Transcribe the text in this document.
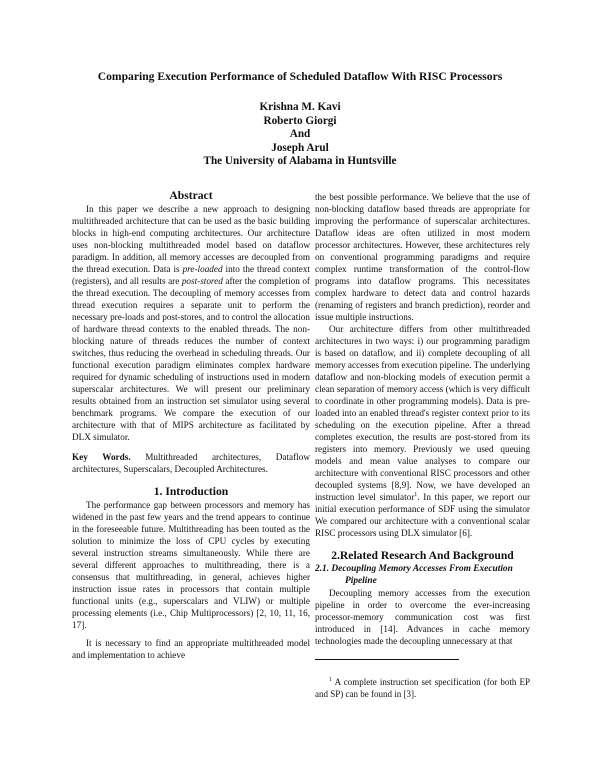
Comparing Execution Performance of Scheduled Dataflow With RISC Processors
Krishna M. Kavi
Roberto Giorgi
And
Joseph Arul
The University of Alabama in Huntsville
Abstract

In this paper we describe a new approach to designing multithreaded architecture that can be used as the basic building blocks in high-end computing architectures. Our architecture uses non-blocking multithreaded model based on dataflow paradigm. In addition, all memory accesses are decoupled from the thread execution. Data is pre-loaded into the thread context (registers), and all results are post-stored after the completion of the thread execution. The decoupling of memory accesses from thread execution requires a separate unit to perform the necessary pre-loads and post-stores, and to control the allocation of hardware thread contexts to the enabled threads. The non-blocking nature of threads reduces the number of context switches, thus reducing the overhead in scheduling threads. Our functional execution paradigm eliminates complex hardware required for dynamic scheduling of instructions used in modern superscalar architectures. We will present our preliminary results obtained from an instruction set simulator using several benchmark programs. We compare the execution of our architecture with that of MIPS architecture as facilitated by DLX simulator.

Key Words. Multithreaded architectures, Dataflow architectures, Superscalars, Decoupled Architectures.

1. Introduction

The performance gap between processors and memory has widened in the past few years and the trend appears to continue in the foreseeable future. Multithreading has been touted as the solution to minimize the loss of CPU cycles by executing several instruction streams simultaneously. While there are several different approaches to multithreading, there is a consensus that multithreading, in general, achieves higher instruction issue rates in processors that contain multiple functional units (e.g., superscalars and VLIW) or multiple processing elements (i.e., Chip Multiprocessors) [2, 10, 11, 16, 17].

It is necessary to find an appropriate multithreaded model and implementation to achieve

the best possible performance. We believe that the use of non-blocking dataflow based threads are appropriate for improving the performance of superscalar architectures. Dataflow ideas are often utilized in most modern processor architectures. However, these architectures rely on conventional programming paradigms and require complex runtime transformation of the control-flow programs into dataflow programs. This necessitates complex hardware to detect data and control hazards (renaming of registers and branch prediction), reorder and issue multiple instructions.

Our architecture differs from other multithreaded architectures in two ways: i) our programming paradigm is based on dataflow, and ii) complete decoupling of all memory accesses from execution pipeline. The underlying dataflow and non-blocking models of execution permit a clean separation of memory access (which is very difficult to coordinate in other programming models). Data is pre-loaded into an enabled thread's register context prior to its scheduling on the execution pipeline. After a thread completes execution, the results are post-stored from its registers into memory. Previously we used queuing models and mean value analyses to compare our architecture with conventional RISC processors and other decoupled systems [8,9]. Now, we have developed an instruction level simulator$^1$. In this paper, we report our initial execution performance of SDF using the simulator We compared our architecture with a conventional scalar RISC processors using DLX simulator [6].

2.Related Research And Background
2.1. Decoupling Memory Accesses From Execution
Pipeline

Decoupling memory accesses from the execution pipeline in order to overcome the ever-increasing processor-memory communication cost was first introduced in [14]. Advances in cache memory technologies made the decoupling unnecessary at that

$^1$ A complete instruction set specification (for both EP and SP) can be found in [3].
